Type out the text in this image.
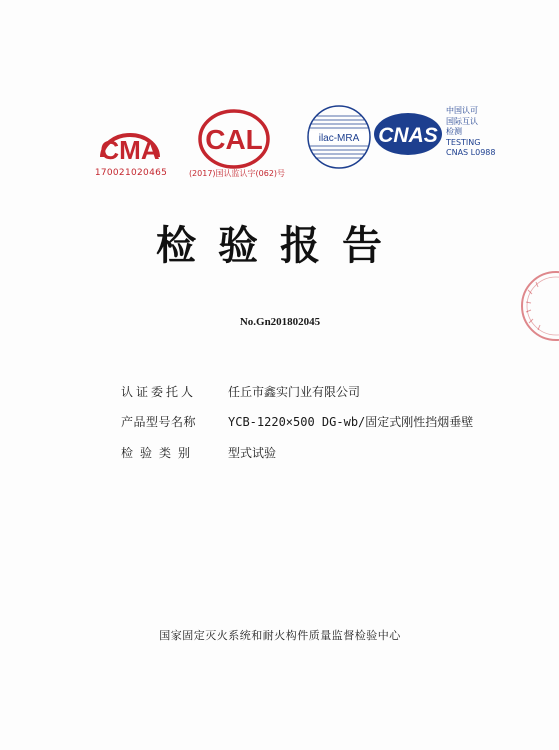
CMA
170021020465
CAL
(2017)国认监认字(062)号
ilac-MRA CNAS
中国认可
国际互认
检测
TESTING
CNAS L0988
检验报告
No.Gn201802045
认证委托人	任丘市鑫实门业有限公司
产品型号名称	YCB-1220×500 DG-wb/固定式刚性挡烟垂壁
检验类别	型式试验
国家固定灭火系统和耐火构件质量监督检验中心
